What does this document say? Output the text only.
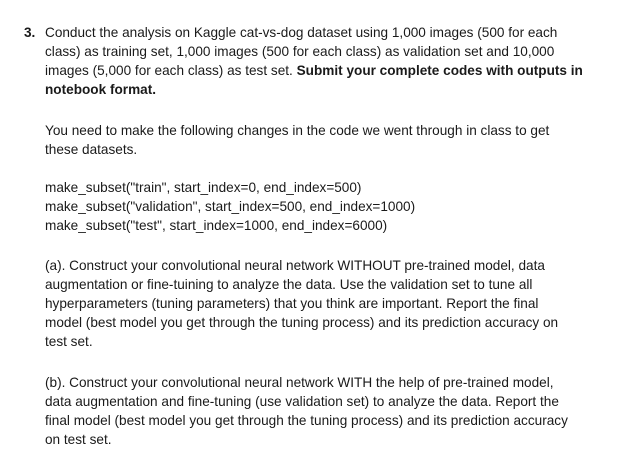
3. Conduct the analysis on Kaggle cat-vs-dog dataset using 1,000 images (500 for each
class) as training set, 1,000 images (500 for each class) as validation set and 10,000
images (5,000 for each class) as test set. Submit your complete codes with outputs in
notebook format.
You need to make the following changes in the code we went through in class to get
these datasets.
make_subset("train", start_index=0, end_index=500)
make_subset("validation", start_index=500, end_index=1000)
make_subset("test", start_index=1000, end_index=6000)
(a). Construct your convolutional neural network WITHOUT pre-trained model, data
augmentation or fine-tuining to analyze the data. Use the validation set to tune all
hyperparameters (tuning parameters) that you think are important. Report the final
model (best model you get through the tuning process) and its prediction accuracy on
test set.
(b). Construct your convolutional neural network WITH the help of pre-trained model,
data augmentation and fine-tuning (use validation set) to analyze the data. Report the
final model (best model you get through the tuning process) and its prediction accuracy
on test set.
